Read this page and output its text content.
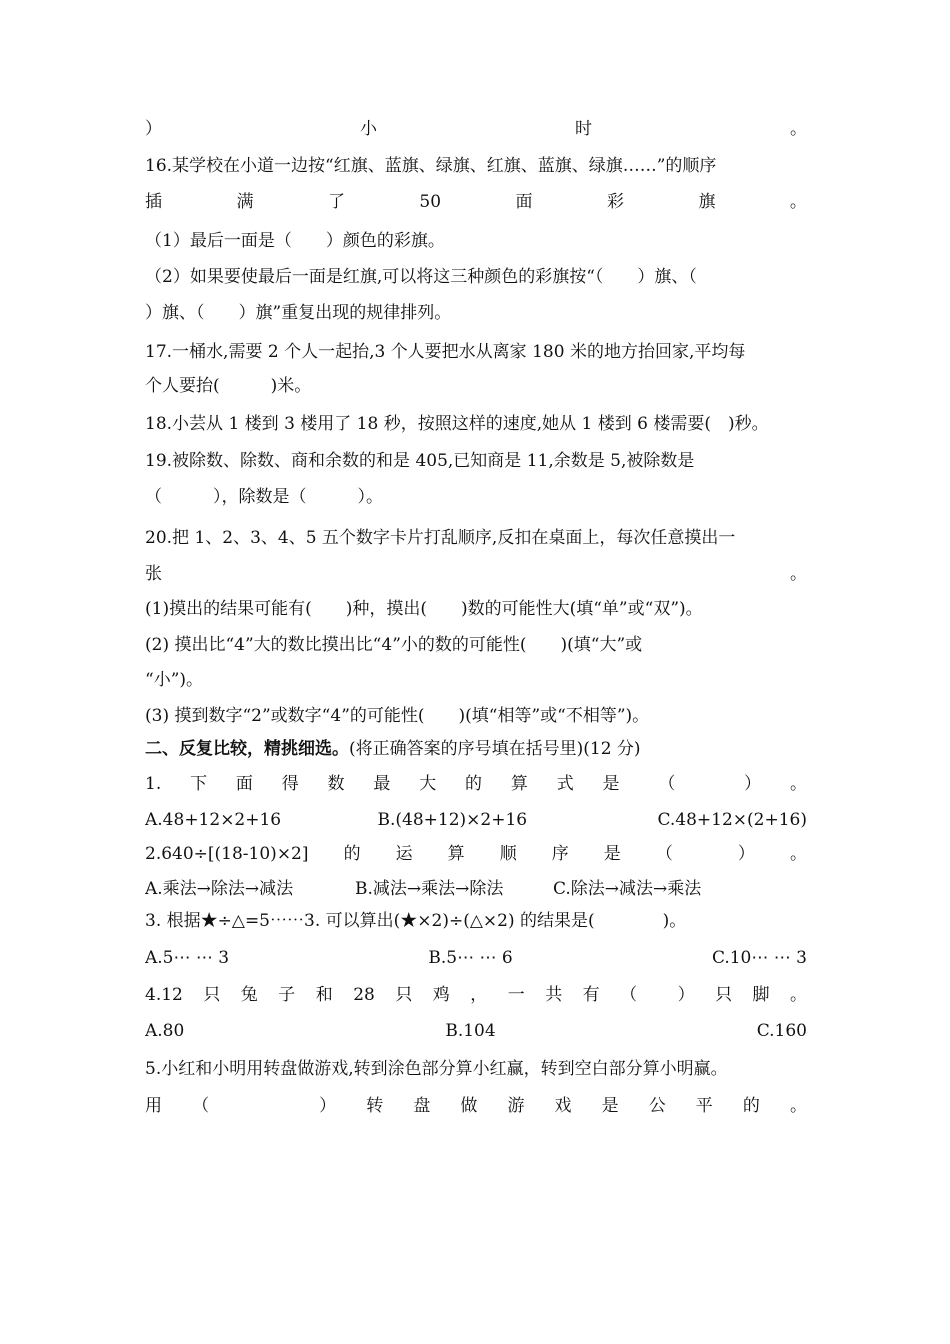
）	小	时	。
16.某学校在小道一边按“红旗、蓝旗、绿旗、红旗、蓝旗、绿旗……”的顺序
插	满	了	50	面	彩	旗	。
（1）最后一面是（　　）颜色的彩旗。
（2）如果要使最后一面是红旗,可以将这三种颜色的彩旗按“（　　）旗、（
）旗、（　　）旗”重复出现的规律排列。
17.一桶水,需要 2 个人一起抬,3 个人要把水从离家 180 米的地方抬回家,平均每
个人要抬(　　　)米。
18.小芸从 1 楼到 3 楼用了 18 秒，按照这样的速度,她从 1 楼到 6 楼需要(　)秒。
19.被除数、除数、商和余数的和是 405,已知商是 11,余数是 5,被除数是
（　　　），除数是（　　　）。
20.把 1、2、3、4、5 五个数字卡片打乱顺序,反扣在桌面上，每次任意摸出一
张	。
(1)摸出的结果可能有(　　)种，摸出(　　)数的可能性大(填“单”或“双”)。
(2) 摸出比“4”大的数比摸出比“4”小的数的可能性(　　)(填“大”或
“小”)。
(3) 摸到数字“2”或数字“4”的可能性(　　)(填“相等”或“不相等”)。
二、反复比较，精挑细选。(将正确答案的序号填在括号里)(12 分)
1. 下 面 得 数 最 大 的 算 式 是 （	） 。
A.48+12×2+16	B.(48+12)×2+16	C.48+12×(2+16)
2.640÷[(18-10)×2] 的 运 算 顺 序 是 （	） 。
A.乘法→除法→减法	B.减法→乘法→除法	C.除法→减法→乘法
3. 根据★÷△=5⋯⋯3. 可以算出(★×2)÷(△×2) 的结果是(　　　　)。
A.5⋯ ⋯ 3	B.5⋯ ⋯ 6	C.10⋯ ⋯ 3
4.12 只 兔 子 和 28 只 鸡 ， 一 共 有 （ ） 只 脚 。
A.80	B.104	C.160
5.小红和小明用转盘做游戏,转到涂色部分算小红赢，转到空白部分算小明赢。
用 （	） 转 盘 做 游 戏 是 公 平 的 。
